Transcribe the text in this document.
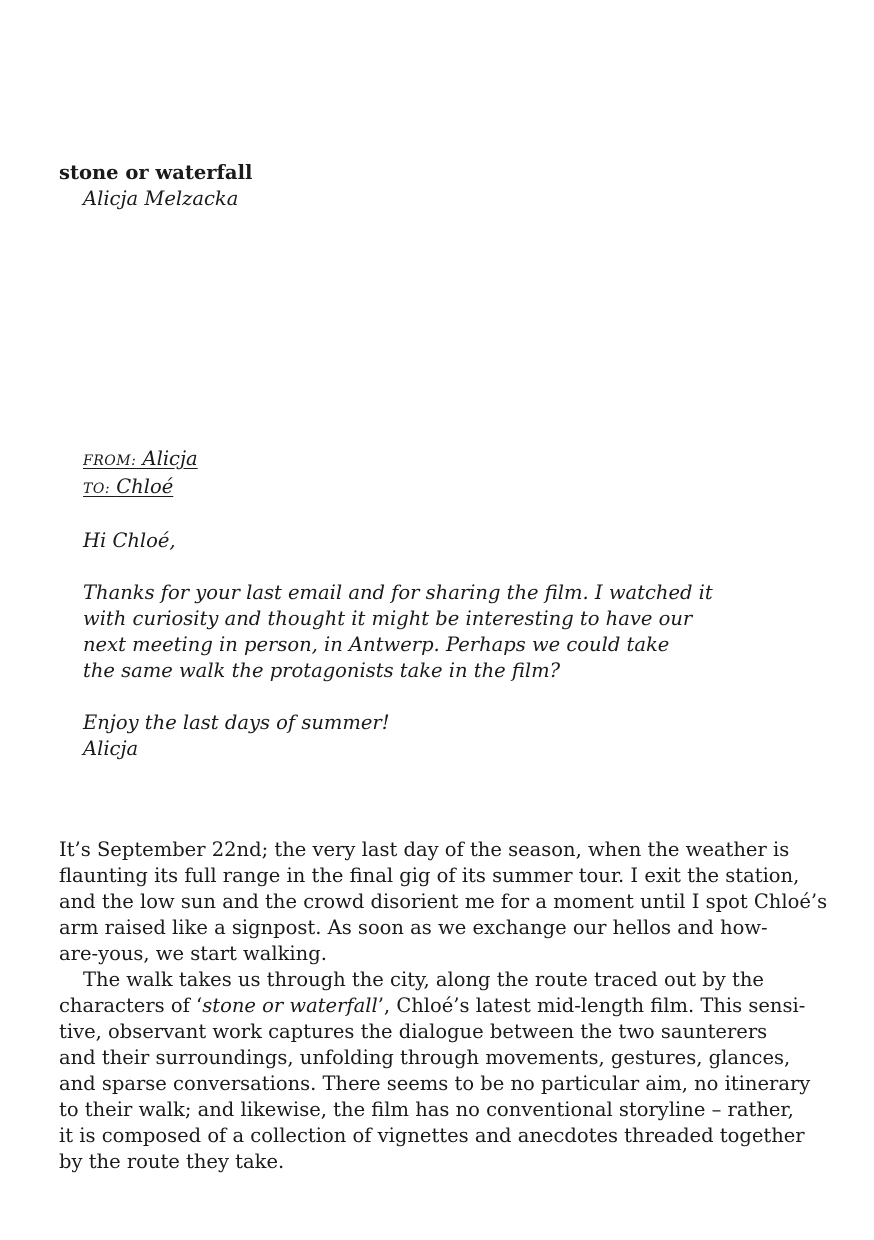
stone or waterfall
Alicja Melzacka
FROM: Alicja
TO: Chloé
Hi Chloé,
Thanks for your last email and for sharing the film. I watched it
with curiosity and thought it might be interesting to have our
next meeting in person, in Antwerp. Perhaps we could take
the same walk the protagonists take in the film?
Enjoy the last days of summer!
Alicja

It’s September 22nd; the very last day of the season, when the weather is
flaunting its full range in the final gig of its summer tour. I exit the station,
and the low sun and the crowd disorient me for a moment until I spot Chloé’s
arm raised like a signpost. As soon as we exchange our hellos and how-
are-yous, we start walking.

The walk takes us through the city, along the route traced out by the
characters of ‘stone or waterfall’, Chloé’s latest mid-length film. This sensi-
tive, observant work captures the dialogue between the two saunterers
and their surroundings, unfolding through movements, gestures, glances,
and sparse conversations. There seems to be no particular aim, no itinerary
to their walk; and likewise, the film has no conventional storyline – rather,
it is composed of a collection of vignettes and anecdotes threaded together
by the route they take.
